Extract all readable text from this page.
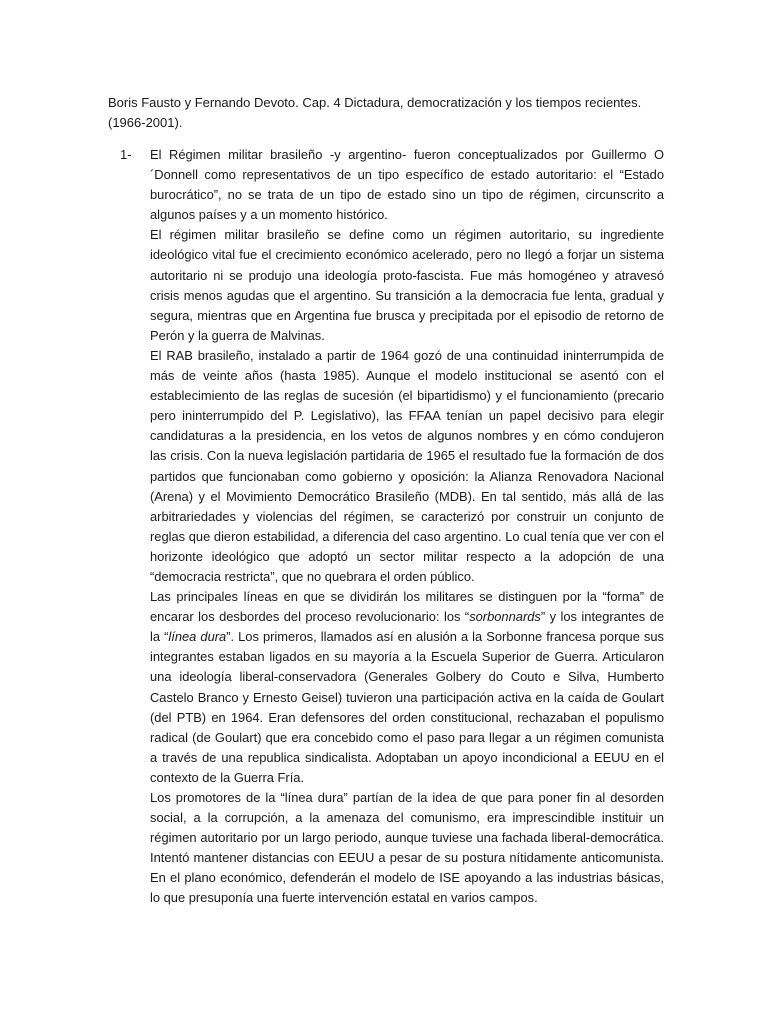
Boris Fausto y Fernando Devoto. Cap. 4 Dictadura, democratización y los tiempos recientes. (1966-2001).

1- El Régimen militar brasileño -y argentino- fueron conceptualizados por Guillermo O ´Donnell como representativos de un tipo específico de estado autoritario: el “Estado burocrático”, no se trata de un tipo de estado sino un tipo de régimen, circunscrito a algunos países y a un momento histórico.

El régimen militar brasileño se define como un régimen autoritario, su ingrediente ideológico vital fue el crecimiento económico acelerado, pero no llegó a forjar un sistema autoritario ni se produjo una ideología proto-fascista. Fue más homogéneo y atravesó crisis menos agudas que el argentino. Su transición a la democracia fue lenta, gradual y segura, mientras que en Argentina fue brusca y precipitada por el episodio de retorno de Perón y la guerra de Malvinas.

El RAB brasileño, instalado a partir de 1964 gozó de una continuidad ininterrumpida de más de veinte años (hasta 1985). Aunque el modelo institucional se asentó con el establecimiento de las reglas de sucesión (el bipartidismo) y el funcionamiento (precario pero ininterrumpido del P. Legislativo), las FFAA tenían un papel decisivo para elegir candidaturas a la presidencia, en los vetos de algunos nombres y en cómo condujeron las crisis. Con la nueva legislación partidaria de 1965 el resultado fue la formación de dos partidos que funcionaban como gobierno y oposición: la Alianza Renovadora Nacional (Arena) y el Movimiento Democrático Brasileño (MDB). En tal sentido, más allá de las arbitrariedades y violencias del régimen, se caracterizó por construir un conjunto de reglas que dieron estabilidad, a diferencia del caso argentino. Lo cual tenía que ver con el horizonte ideológico que adoptó un sector militar respecto a la adopción de una “democracia restricta”, que no quebrara el orden público.

Las principales líneas en que se dividirán los militares se distinguen por la “forma” de encarar los desbordes del proceso revolucionario: los “sorbonnards” y los integrantes de la “línea dura”. Los primeros, llamados así en alusión a la Sorbonne francesa porque sus integrantes estaban ligados en su mayoría a la Escuela Superior de Guerra. Articularon una ideología liberal-conservadora (Generales Golbery do Couto e Silva, Humberto Castelo Branco y Ernesto Geisel) tuvieron una participación activa en la caída de Goulart (del PTB) en 1964. Eran defensores del orden constitucional, rechazaban el populismo radical (de Goulart) que era concebido como el paso para llegar a un régimen comunista a través de una republica sindicalista. Adoptaban un apoyo incondicional a EEUU en el contexto de la Guerra Fría.

Los promotores de la “línea dura” partían de la idea de que para poner fin al desorden social, a la corrupción, a la amenaza del comunismo, era imprescindible instituir un régimen autoritario por un largo periodo, aunque tuviese una fachada liberal-democrática. Intentó mantener distancias con EEUU a pesar de su postura nítidamente anticomunista. En el plano económico, defenderán el modelo de ISE apoyando a las industrias básicas, lo que presuponía una fuerte intervención estatal en varios campos.
